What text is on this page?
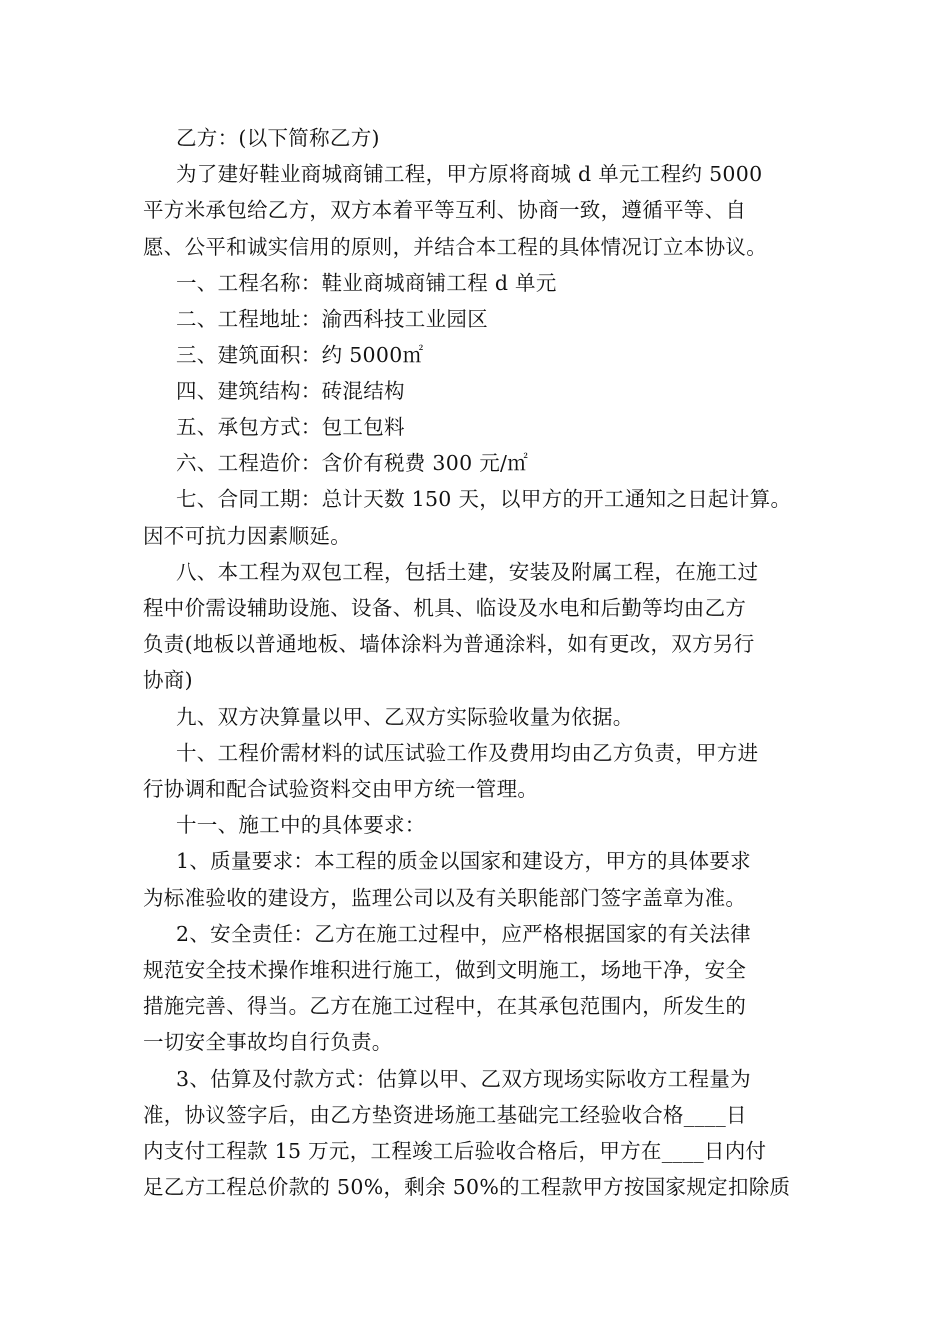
乙方：(以下简称乙方)
为了建好鞋业商城商铺工程，甲方原将商城 d 单元工程约 5000
平方米承包给乙方，双方本着平等互利、协商一致，遵循平等、自
愿、公平和诚实信用的原则，并结合本工程的具体情况订立本协议。
一、工程名称：鞋业商城商铺工程 d 单元
二、工程地址：渝西科技工业园区
三、建筑面积：约 5000㎡
四、建筑结构：砖混结构
五、承包方式：包工包料
六、工程造价：含价有税费 300 元/㎡
七、合同工期：总计天数 150 天，以甲方的开工通知之日起计算。
因不可抗力因素顺延。
八、本工程为双包工程，包括土建，安装及附属工程，在施工过
程中价需设辅助设施、设备、机具、临设及水电和后勤等均由乙方
负责(地板以普通地板、墙体涂料为普通涂料，如有更改，双方另行
协商)
九、双方决算量以甲、乙双方实际验收量为依据。
十、工程价需材料的试压试验工作及费用均由乙方负责，甲方进
行协调和配合试验资料交由甲方统一管理。
十一、施工中的具体要求：
1、质量要求：本工程的质金以国家和建设方，甲方的具体要求
为标准验收的建设方，监理公司以及有关职能部门签字盖章为准。
2、安全责任：乙方在施工过程中，应严格根据国家的有关法律
规范安全技术操作堆积进行施工，做到文明施工，场地干净，安全
措施完善、得当。乙方在施工过程中，在其承包范围内，所发生的
一切安全事故均自行负责。
3、估算及付款方式：估算以甲、乙双方现场实际收方工程量为
准，协议签字后，由乙方垫资进场施工基础完工经验收合格____日
内支付工程款 15 万元，工程竣工后验收合格后，甲方在____日内付
足乙方工程总价款的 50%，剩余 50%的工程款甲方按国家规定扣除质
